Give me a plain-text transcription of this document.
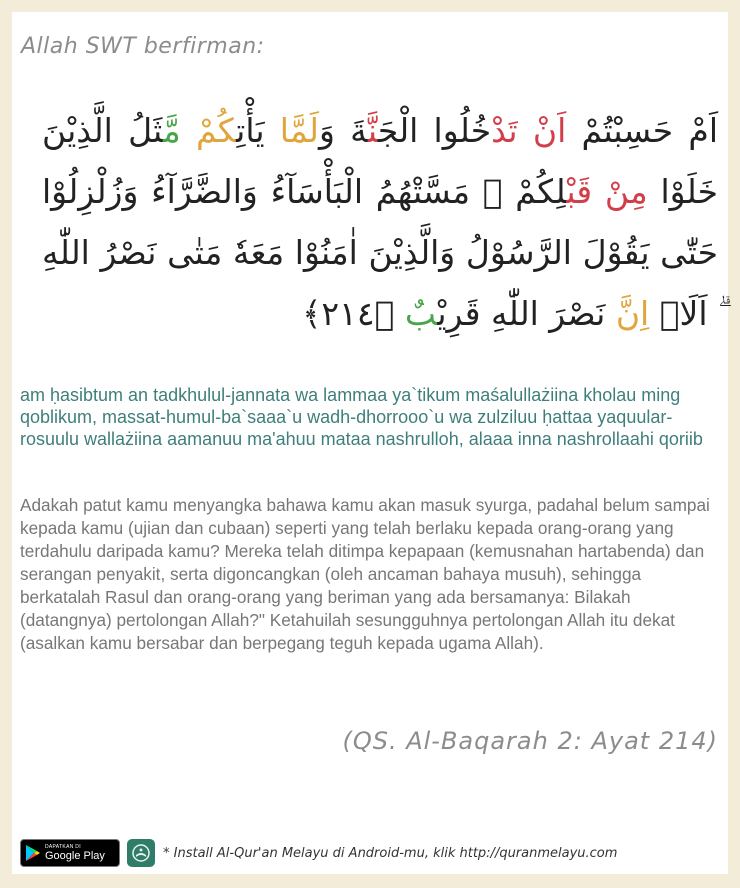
Allah SWT berfirman:
اَمْ حَسِبْتُمْ اَنْ تَدْخُلُوا الْجَنَّةَ وَلَمَّا يَأْتِكُمْ مَّثَلُ الَّذِيْنَ خَلَوْا مِنْ قَبْلِكُمْ ۗ مَسَّتْهُمُ الْبَأْسَآءُ وَالضَّرَّآءُ وَزُلْزِلُوْا حَتّٰى يَقُوْلَ الرَّسُوْلُ وَالَّذِيْنَ اٰمَنُوْا مَعَهٗ مَتٰى نَصْرُ اللّٰهِ ۗ اَلَاۤ اِنَّ نَصْرَ اللّٰهِ قَرِيْبٌ ﴿٢١٤﴾
am ḥasibtum an tadkhulul-jannata wa lammaa ya`tikum maśalullażiina kholau ming qoblikum, massat-humul-ba`saaa`u wadh-dhorrooo`u wa zulziluu ḥattaa yaquular-rosuulu wallażiina aamanuu ma'ahuu mataa nashrulloh, alaaa inna nashrollaahi qoriib
Adakah patut kamu menyangka bahawa kamu akan masuk syurga, padahal belum sampai kepada kamu (ujian dan cubaan) seperti yang telah berlaku kepada orang-orang yang terdahulu daripada kamu? Mereka telah ditimpa kepapaan (kemusnahan hartabenda) dan serangan penyakit, serta digoncangkan (oleh ancaman bahaya musuh), sehingga berkatalah Rasul dan orang-orang yang beriman yang ada bersamanya: Bilakah (datangnya) pertolongan Allah?" Ketahuilah sesungguhnya pertolongan Allah itu dekat (asalkan kamu bersabar dan berpegang teguh kepada ugama Allah).
(QS. Al-Baqarah 2: Ayat 214)
DAPATKAN DI
Google Play	* Install Al-Qur'an Melayu di Android-mu, klik http://quranmelayu.com
